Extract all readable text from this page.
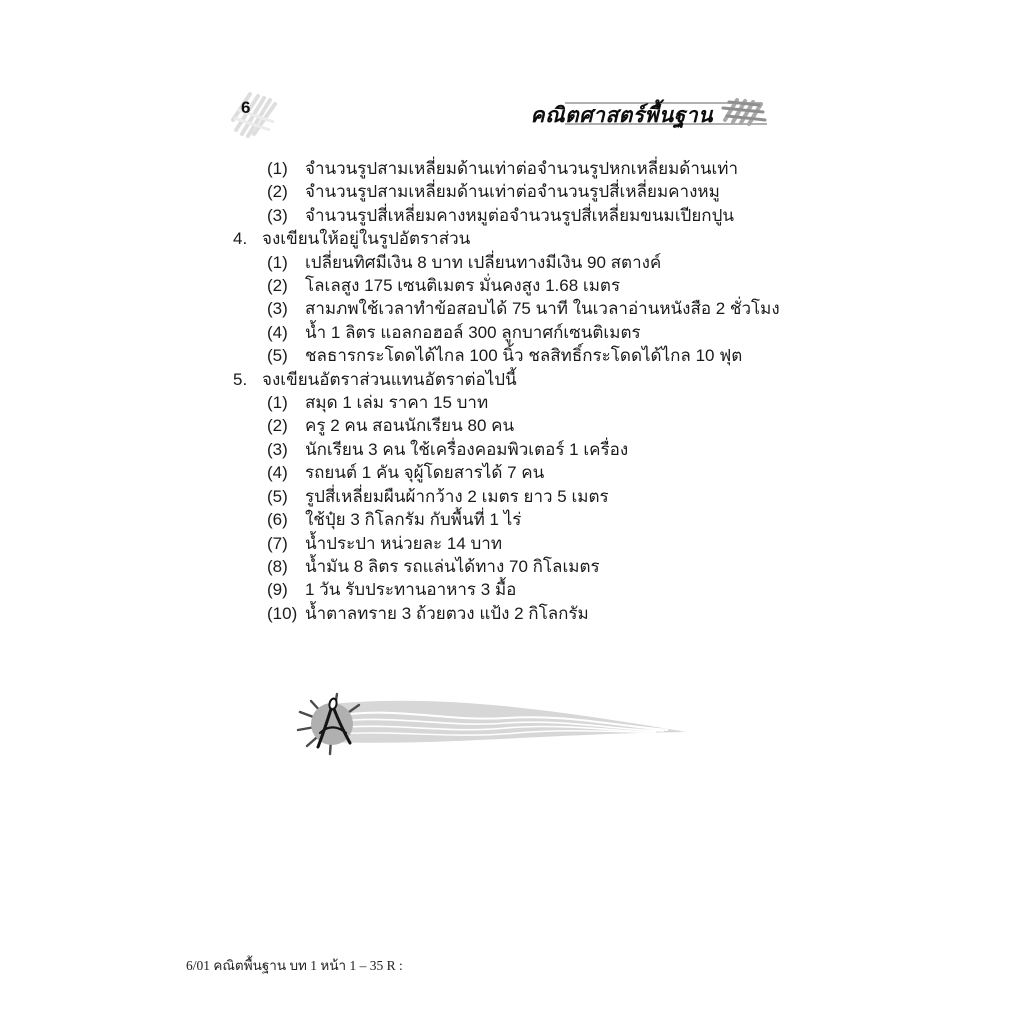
6	คณิตศาสตร์พื้นฐาน
(1)	จำนวนรูปสามเหลี่ยมด้านเท่าต่อจำนวนรูปหกเหลี่ยมด้านเท่า
(2)	จำนวนรูปสามเหลี่ยมด้านเท่าต่อจำนวนรูปสี่เหลี่ยมคางหมู
(3)	จำนวนรูปสี่เหลี่ยมคางหมูต่อจำนวนรูปสี่เหลี่ยมขนมเปียกปูน
4. จงเขียนให้อยู่ในรูปอัตราส่วน
(1)	เปลี่ยนทิศมีเงิน 8 บาท เปลี่ยนทางมีเงิน 90 สตางค์
(2)	โลเลสูง 175 เซนติเมตร มั่นคงสูง 1.68 เมตร
(3)	สามภพใช้เวลาทำข้อสอบได้ 75 นาที ในเวลาอ่านหนังสือ 2 ชั่วโมง
(4)	น้ำ 1 ลิตร แอลกอฮอล์ 300 ลูกบาศก์เซนติเมตร
(5)	ชลธารกระโดดได้ไกล 100 นิ้ว ชลสิทธิ์กระโดดได้ไกล 10 ฟุต
5. จงเขียนอัตราส่วนแทนอัตราต่อไปนี้
(1)	สมุด 1 เล่ม ราคา 15 บาท
(2)	ครู 2 คน สอนนักเรียน 80 คน
(3)	นักเรียน 3 คน ใช้เครื่องคอมพิวเตอร์ 1 เครื่อง
(4)	รถยนต์ 1 คัน จุผู้โดยสารได้ 7 คน
(5)	รูปสี่เหลี่ยมผืนผ้ากว้าง 2 เมตร ยาว 5 เมตร
(6)	ใช้ปุ๋ย 3 กิโลกรัม กับพื้นที่ 1 ไร่
(7)	น้ำประปา หน่วยละ 14 บาท
(8)	น้ำมัน 8 ลิตร รถแล่นได้ทาง 70 กิโลเมตร
(9)	1 วัน รับประทานอาหาร 3 มื้อ
(10) น้ำตาลทราย 3 ถ้วยตวง แป้ง 2 กิโลกรัม
6/01 คณิตพื้นฐาน บท 1 หน้า 1 – 35 R :
